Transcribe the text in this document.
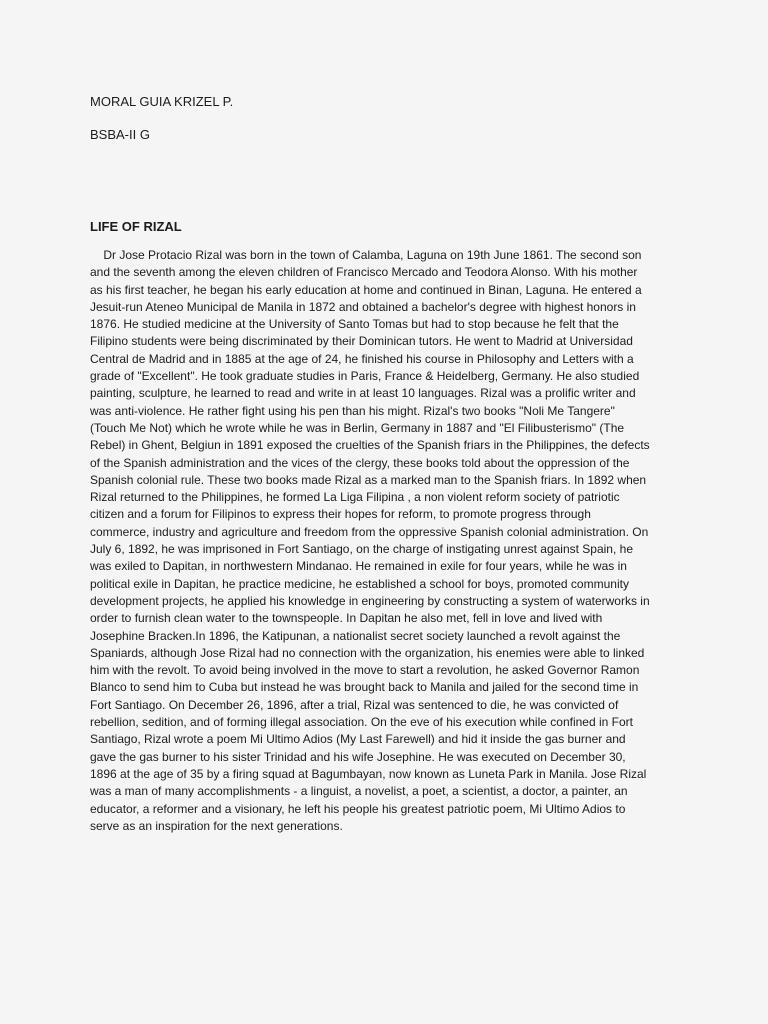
MORAL GUIA KRIZEL P.
BSBA-II G
LIFE OF RIZAL
Dr Jose Protacio Rizal was born in the town of Calamba, Laguna on 19th June 1861. The second son
and the seventh among the eleven children of Francisco Mercado and Teodora Alonso. With his mother
as his first teacher, he began his early education at home and continued in Binan, Laguna. He entered a
Jesuit-run Ateneo Municipal de Manila in 1872 and obtained a bachelor's degree with highest honors in
1876. He studied medicine at the University of Santo Tomas but had to stop because he felt that the
Filipino students were being discriminated by their Dominican tutors. He went to Madrid at Universidad
Central de Madrid and in 1885 at the age of 24, he finished his course in Philosophy and Letters with a
grade of "Excellent". He took graduate studies in Paris, France & Heidelberg, Germany. He also studied
painting, sculpture, he learned to read and write in at least 10 languages. Rizal was a prolific writer and
was anti-violence. He rather fight using his pen than his might. Rizal's two books "Noli Me Tangere"
(Touch Me Not) which he wrote while he was in Berlin, Germany in 1887 and "El Filibusterismo" (The
Rebel) in Ghent, Belgiun in 1891 exposed the cruelties of the Spanish friars in the Philippines, the defects
of the Spanish administration and the vices of the clergy, these books told about the oppression of the
Spanish colonial rule. These two books made Rizal as a marked man to the Spanish friars. In 1892 when
Rizal returned to the Philippines, he formed La Liga Filipina , a non violent reform society of patriotic
citizen and a forum for Filipinos to express their hopes for reform, to promote progress through
commerce, industry and agriculture and freedom from the oppressive Spanish colonial administration. On
July 6, 1892, he was imprisoned in Fort Santiago, on the charge of instigating unrest against Spain, he
was exiled to Dapitan, in northwestern Mindanao. He remained in exile for four years, while he was in
political exile in Dapitan, he practice medicine, he established a school for boys, promoted community
development projects, he applied his knowledge in engineering by constructing a system of waterworks in
order to furnish clean water to the townspeople. In Dapitan he also met, fell in love and lived with
Josephine Bracken.In 1896, the Katipunan, a nationalist secret society launched a revolt against the
Spaniards, although Jose Rizal had no connection with the organization, his enemies were able to linked
him with the revolt. To avoid being involved in the move to start a revolution, he asked Governor Ramon
Blanco to send him to Cuba but instead he was brought back to Manila and jailed for the second time in
Fort Santiago. On December 26, 1896, after a trial, Rizal was sentenced to die, he was convicted of
rebellion, sedition, and of forming illegal association. On the eve of his execution while confined in Fort
Santiago, Rizal wrote a poem Mi Ultimo Adios (My Last Farewell) and hid it inside the gas burner and
gave the gas burner to his sister Trinidad and his wife Josephine. He was executed on December 30,
1896 at the age of 35 by a firing squad at Bagumbayan, now known as Luneta Park in Manila. Jose Rizal
was a man of many accomplishments - a linguist, a novelist, a poet, a scientist, a doctor, a painter, an
educator, a reformer and a visionary, he left his people his greatest patriotic poem, Mi Ultimo Adios to
serve as an inspiration for the next generations.
